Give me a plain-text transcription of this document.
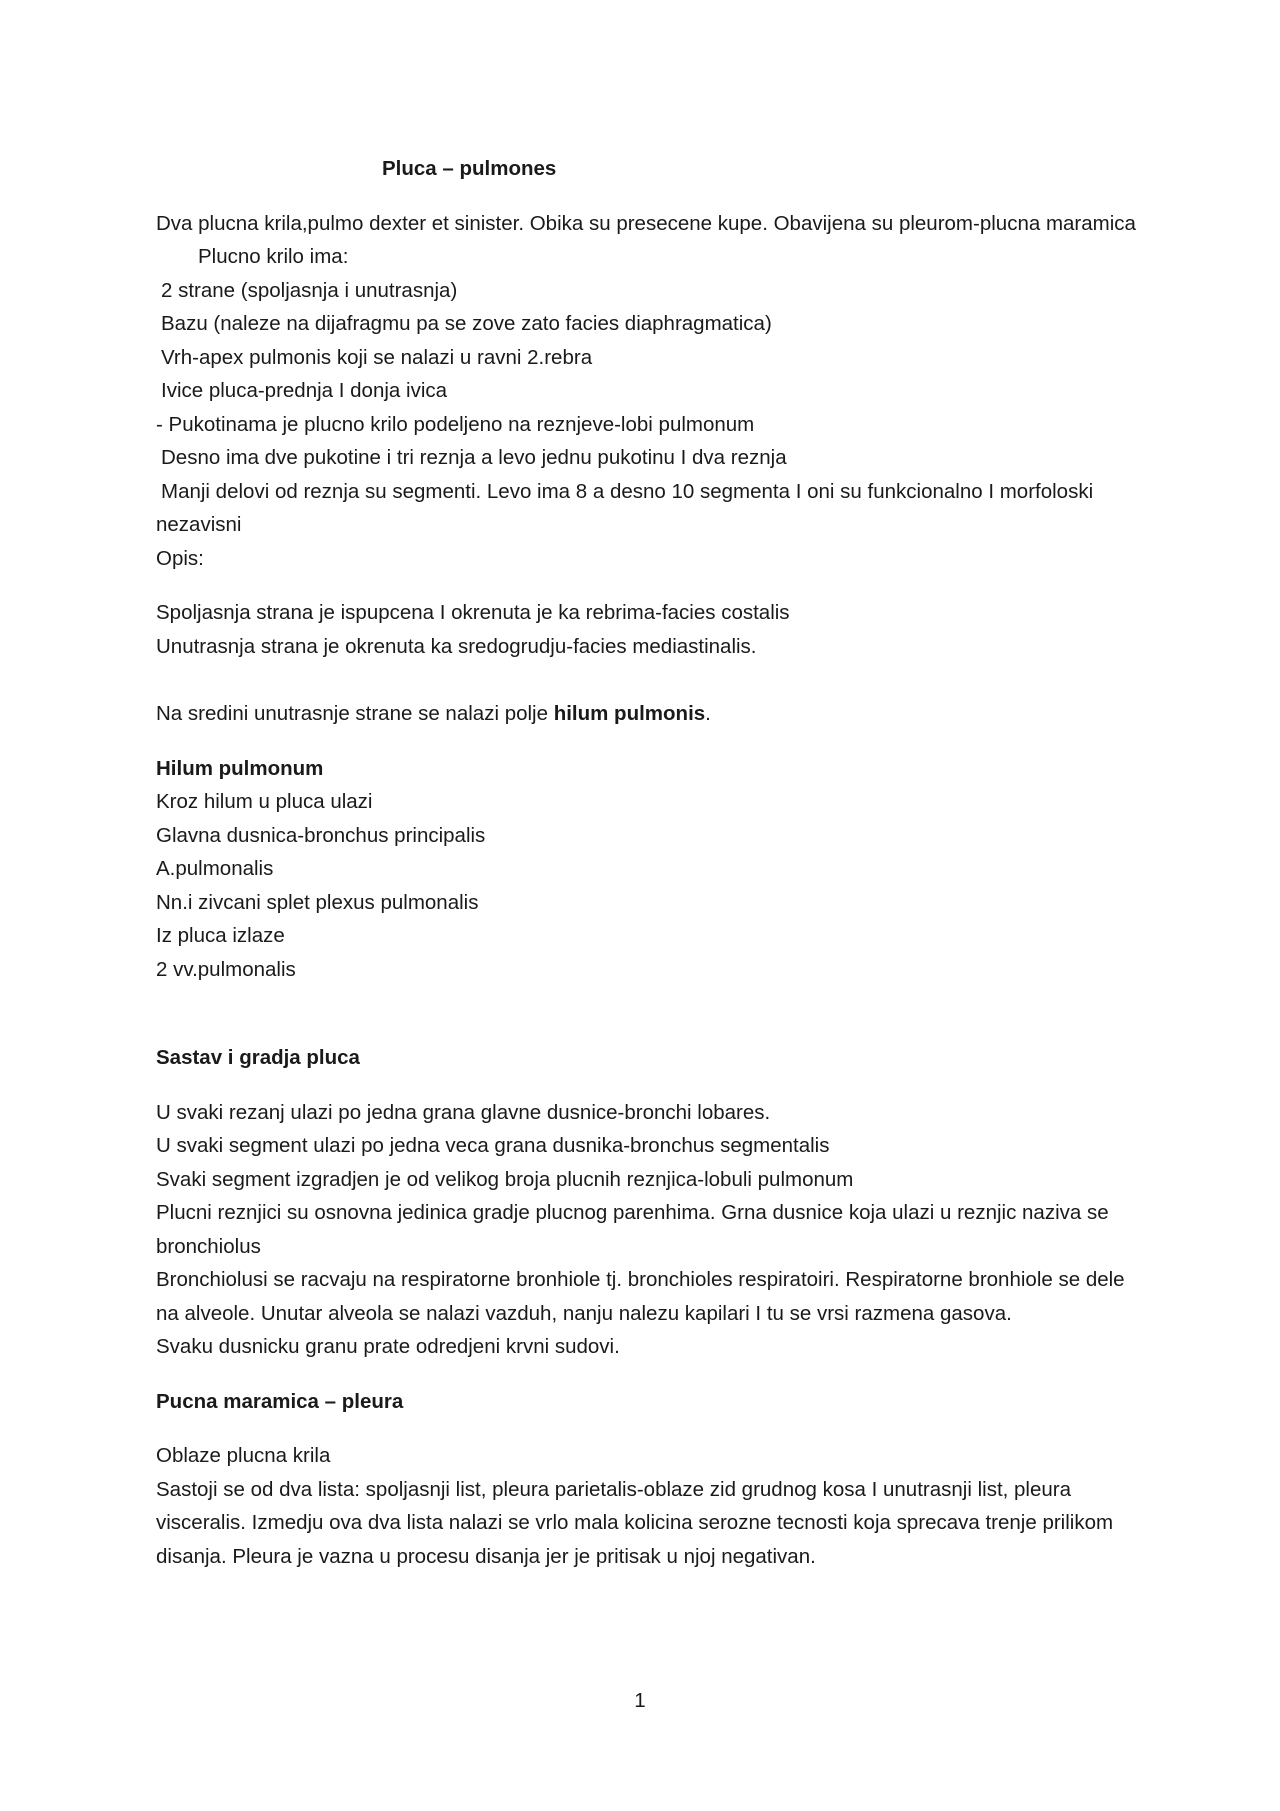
Pluca – pulmones
Dva plucna krila,pulmo dexter et sinister. Obika su presecene kupe. Obavijena su pleurom-plucna maramica
Plucno krilo ima:
2 strane (spoljasnja i unutrasnja)
Bazu (naleze na dijafragmu pa se zove zato facies diaphragmatica)
Vrh-apex pulmonis koji se nalazi u ravni 2.rebra
Ivice pluca-prednja I donja ivica
- Pukotinama je plucno krilo podeljeno na reznjeve-lobi pulmonum
Desno ima dve pukotine i tri reznja a levo jednu pukotinu I dva reznja
Manji delovi od reznja su segmenti. Levo ima 8 a desno 10 segmenta I oni su funkcionalno I morfoloski nezavisni
Opis:
Spoljasnja strana je ispupcena I okrenuta je ka rebrima-facies costalis
Unutrasnja strana je okrenuta ka sredogrudju-facies mediastinalis.
Na sredini unutrasnje strane se nalazi polje hilum pulmonis.
Hilum pulmonum
Kroz hilum u pluca ulazi
Glavna dusnica-bronchus principalis
A.pulmonalis
Nn.i zivcani splet plexus pulmonalis
Iz pluca izlaze
2 vv.pulmonalis
Sastav i gradja pluca
U svaki rezanj ulazi po jedna grana glavne dusnice-bronchi lobares.
U svaki segment ulazi po jedna veca grana dusnika-bronchus segmentalis
Svaki segment izgradjen je od velikog broja plucnih reznjica-lobuli pulmonum
Plucni reznjici su osnovna jedinica gradje plucnog parenhima. Grna dusnice koja ulazi u reznjic naziva se bronchiolus
Bronchiolusi se racvaju na respiratorne bronhiole tj. bronchioles respiratoiri. Respiratorne bronhiole se dele na alveole. Unutar alveola se nalazi vazduh, nanju nalezu kapilari I tu se vrsi razmena gasova.
Svaku dusnicku granu prate odredjeni krvni sudovi.
Pucna maramica – pleura
Oblaze plucna krila
Sastoji se od dva lista: spoljasnji list, pleura parietalis-oblaze zid grudnog kosa I unutrasnji list, pleura visceralis. Izmedju ova dva lista nalazi se vrlo mala kolicina serozne tecnosti koja sprecava trenje prilikom disanja. Pleura je vazna u procesu disanja jer je pritisak u njoj negativan.
1
